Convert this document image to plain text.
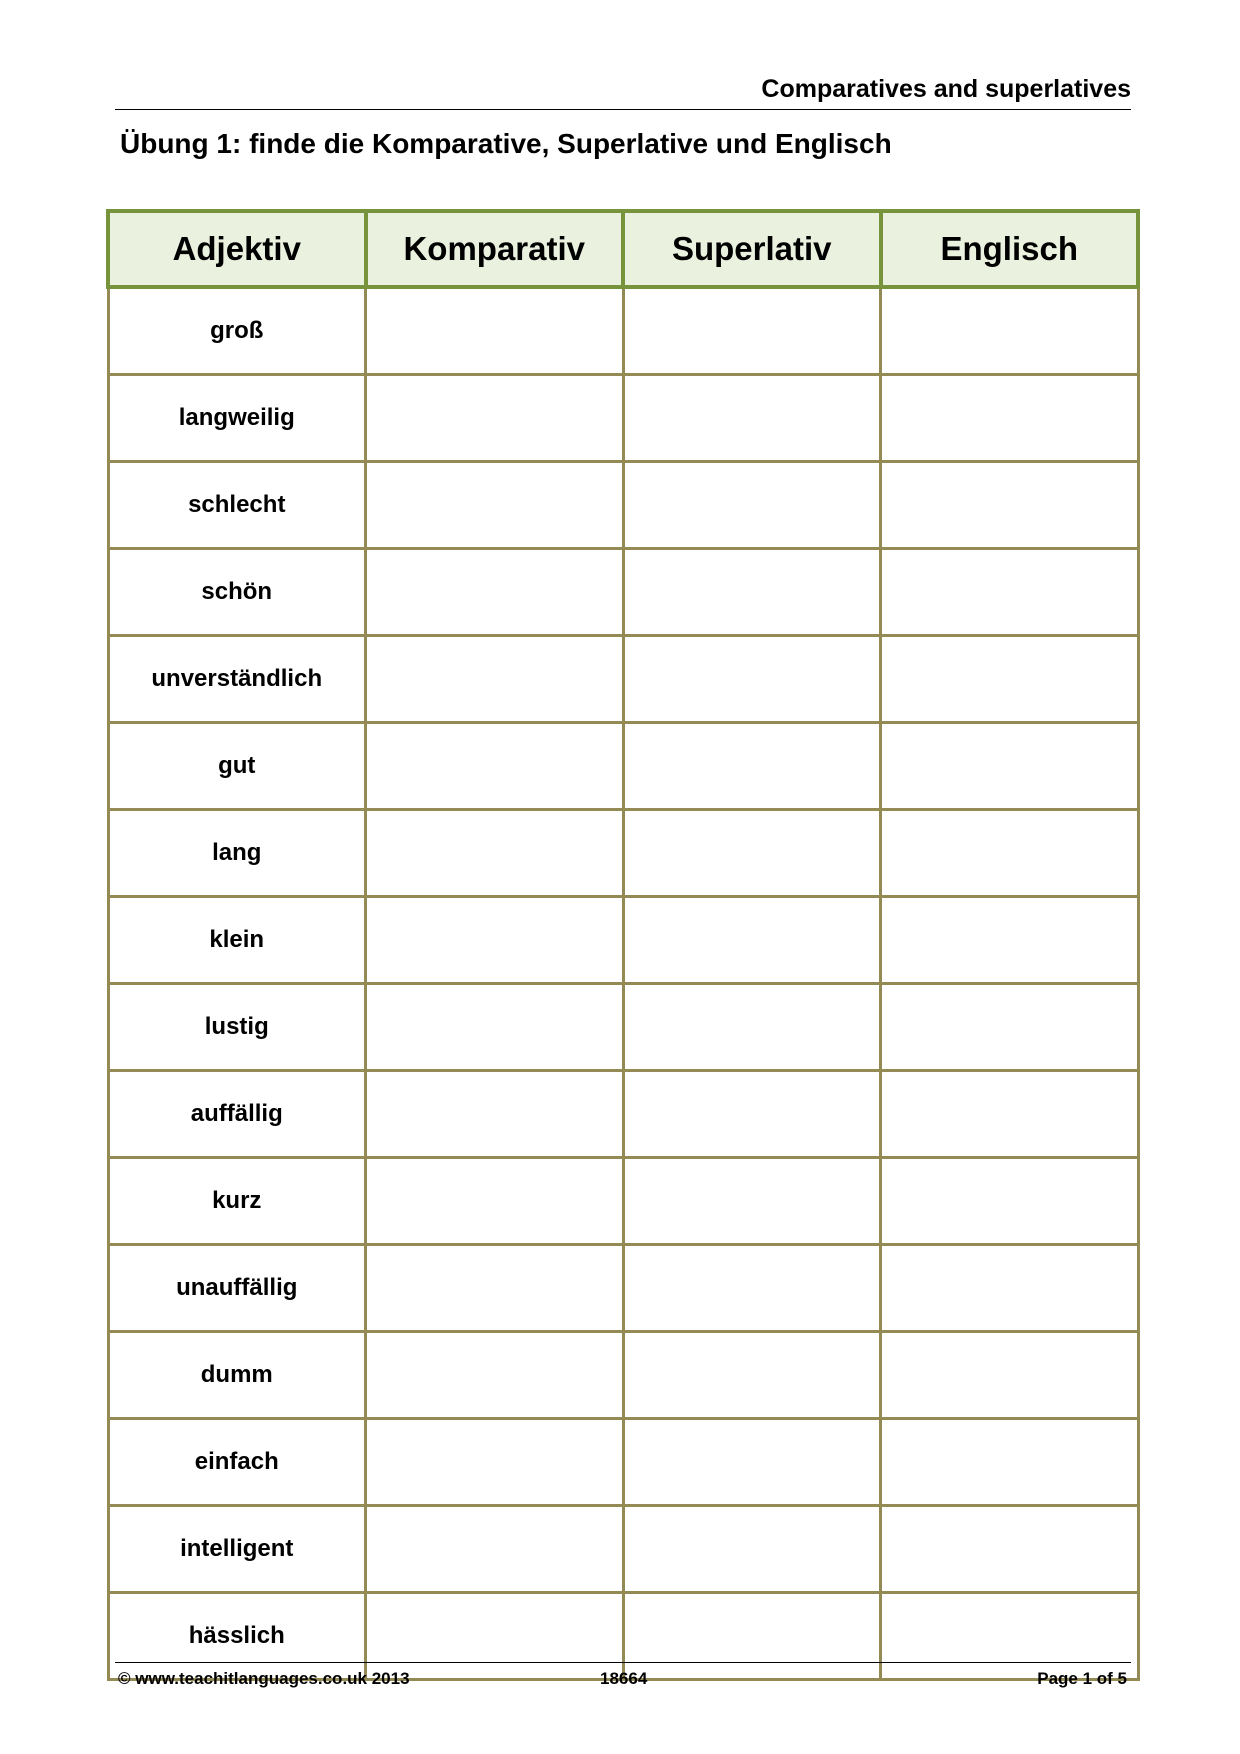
Comparatives and superlatives
Übung 1: finde die Komparative, Superlative und Englisch
Adjektiv	Komparativ	Superlativ	Englisch
groß			
langweilig			
schlecht			
schön			
unverständlich			
gut			
lang			
klein			
lustig			
auffällig			
kurz			
unauffällig			
dumm			
einfach			
intelligent			
hässlich			
© www.teachitlanguages.co.uk 2013	18664	Page 1 of 5
